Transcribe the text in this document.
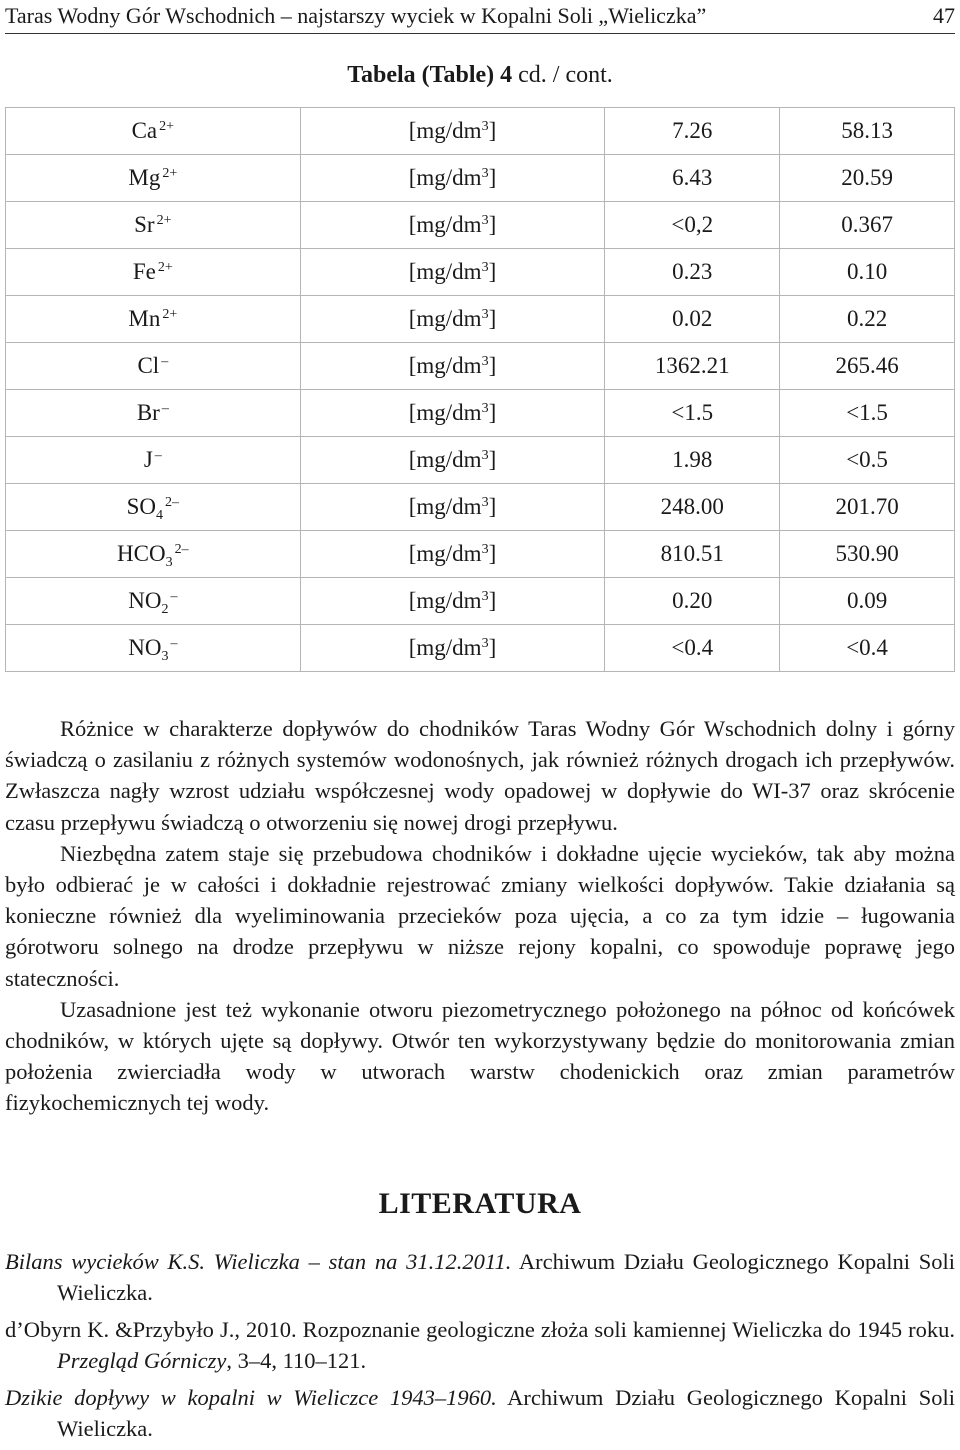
Taras Wodny Gór Wschodnich – najstarszy wyciek w Kopalni Soli „Wieliczka”	47
Tabela (Table) 4 cd. / cont.
Ca $^{2+}$	$[mg/dm^3]$	7.26	58.13
Mg $^{2+}$	$[mg/dm^3]$	6.43	20.59
Sr $^{2+}$	$[mg/dm^3]$	<0,2	0.367
Fe $^{2+}$	$[mg/dm^3]$	0.23	0.10
Mn $^{2+}$	$[mg/dm^3]$	0.02	0.22
Cl –	$[mg/dm^3]$	1362.21	265.46
Br –	$[mg/dm^3]$	<1.5	<1.5
J –	$[mg/dm^3]$	1.98	<0.5
$SO_4^{2-}$	$[mg/dm^3]$	248.00	201.70
$HCO_3^{2-}$	$[mg/dm^3]$	810.51	530.90
$NO_2^-$	$[mg/dm^3]$	0.20	0.09
$NO_3^-$	$[mg/dm^3]$	<0.4	<0.4

Różnice w charakterze dopływów do chodników Taras Wodny Gór Wschodnich dolny i górny świadczą o zasilaniu z różnych systemów wodonośnych, jak również różnych drogach ich przepływów. Zwłaszcza nagły wzrost udziału współczesnej wody opadowej w dopływie do WI-37 oraz skrócenie czasu przepływu świadczą o otworzeniu się nowej drogi przepływu.

Niezbędna zatem staje się przebudowa chodników i dokładne ujęcie wycieków, tak aby można było odbierać je w całości i dokładnie rejestrować zmiany wielkości dopływów. Takie działania są konieczne również dla wyeliminowania przecieków poza ujęcia, a co za tym idzie – ługowania górotworu solnego na drodze przepływu w niższe rejony kopalni, co spowoduje poprawę jego stateczności.

Uzasadnione jest też wykonanie otworu piezometrycznego położonego na północ od końcówek chodników, w których ujęte są dopływy. Otwór ten wykorzystywany będzie do monitorowania zmian położenia zwierciadła wody w utworach warstw chodenickich oraz zmian parametrów fizykochemicznych tej wody.

LITERATURA
Bilans wycieków K.S. Wieliczka – stan na 31.12.2011. Archiwum Działu Geologicznego Kopalni Soli Wieliczka.
d’Obyrn K. &Przybyło J., 2010. Rozpoznanie geologiczne złoża soli kamiennej Wieliczka do 1945 roku. Przegląd Górniczy, 3–4, 110–121.
Dzikie dopływy w kopalni w Wieliczce 1943–1960. Archiwum Działu Geologicznego Kopalni Soli Wieliczka.
